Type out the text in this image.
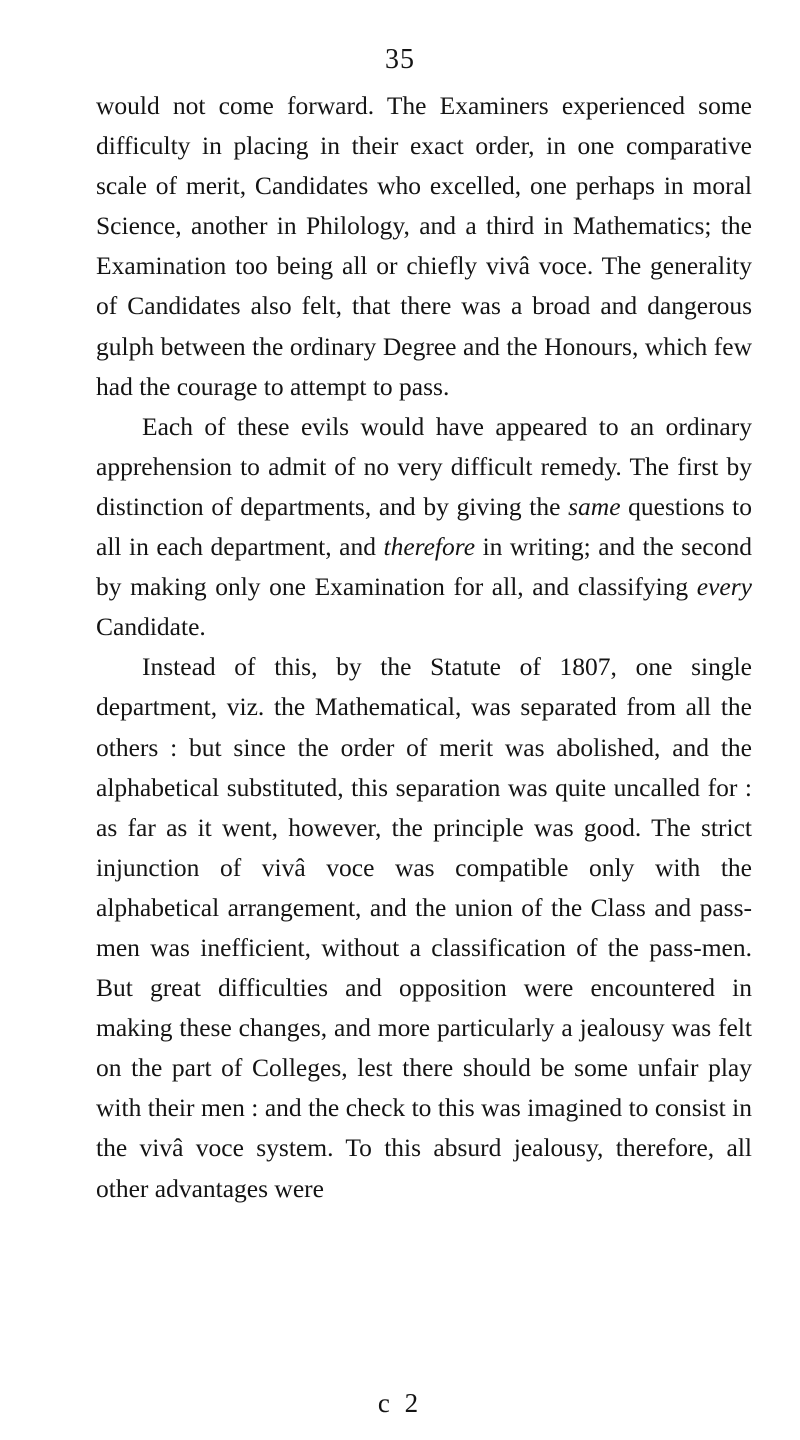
35

would not come forward. The Examiners experienced some difficulty in placing in their exact order, in one comparative scale of merit, Candidates who excelled, one perhaps in moral Science, another in Philology, and a third in Mathematics; the Examination too being all or chiefly vivâ voce. The generality of Candidates also felt, that there was a broad and dangerous gulph between the ordinary Degree and the Honours, which few had the courage to attempt to pass.

Each of these evils would have appeared to an ordinary apprehension to admit of no very difficult remedy. The first by distinction of departments, and by giving the same questions to all in each department, and therefore in writing; and the second by making only one Examination for all, and classifying every Candidate.

Instead of this, by the Statute of 1807, one single department, viz. the Mathematical, was separated from all the others : but since the order of merit was abolished, and the alphabetical substituted, this separation was quite uncalled for : as far as it went, however, the principle was good. The strict injunction of vivâ voce was compatible only with the alphabetical arrangement, and the union of the Class and pass-men was inefficient, without a classification of the pass-men. But great difficulties and opposition were encountered in making these changes, and more particularly a jealousy was felt on the part of Colleges, lest there should be some unfair play with their men : and the check to this was imagined to consist in the vivâ voce system. To this absurd jealousy, therefore, all other advantages were

c 2
